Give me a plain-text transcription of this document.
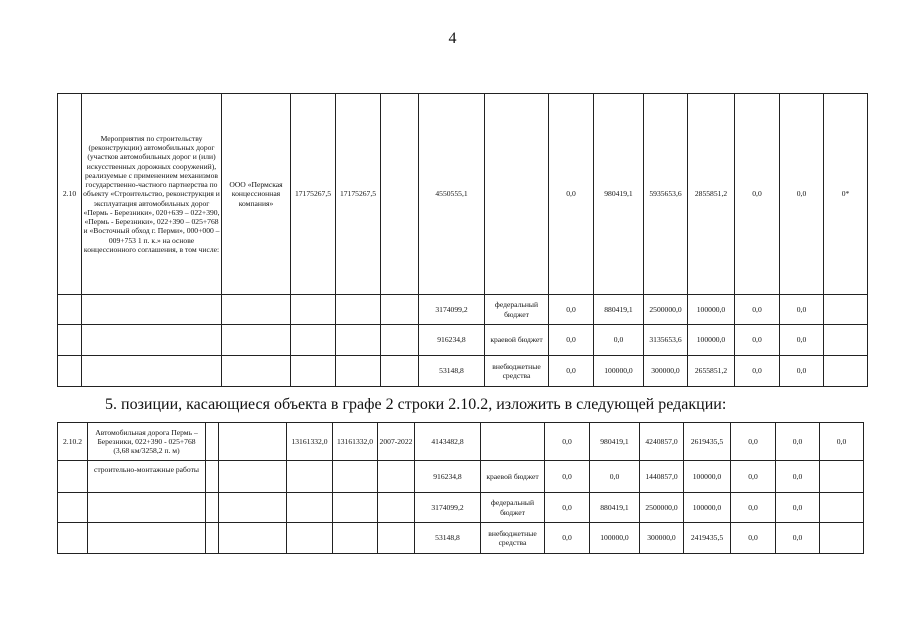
4
2.10	Мероприятия по строительству (реконструкции) автомобильных дорог (участков автомобильных дорог и (или) искусственных дорожных сооружений), реализуемые с применением механизмов государственно-частного партнерства по объекту «Строительство, реконструкция и эксплуатация автомобильных дорог «Пермь - Березники», 020+639 – 022+390, «Пермь - Березники», 022+390 – 025+768 и «Восточный обход г. Перми», 000+000 – 009+753 1 п. к.» на основе концессионного соглашения, в том числе:	ООО «Пермская концессионная компания»	17175267,5	17175267,5		4550555,1		0,0	980419,1	5935653,6	2855851,2	0,0	0,0	0*
						3174099,2	федеральный бюджет	0,0	880419,1	2500000,0	100000,0	0,0	0,0	
						916234,8	краевой бюджет	0,0	0,0	3135653,6	100000,0	0,0	0,0	
						53148,8	внебюджетные средства	0,0	100000,0	300000,0	2655851,2	0,0	0,0	
5. позиции, касающиеся объекта в графе 2 строки 2.10.2, изложить в следующей редакции:
2.10.2	Автомобильная дорога Пермь – Березники, 022+390 - 025+768 (3,68 км/3258,2 п. м)			13161332,0	13161332,0	2007-2022	4143482,8		0,0	980419,1	4240857,0	2619435,5	0,0	0,0	0,0

	строительно-монтажные работы						916234,8	краевой бюджет	0,0	0,0	1440857,0	100000,0	0,0	0,0	
							3174099,2	федеральный бюджет	0,0	880419,1	2500000,0	100000,0	0,0	0,0	
							53148,8	внебюджетные средства	0,0	100000,0	300000,0	2419435,5	0,0	0,0	
